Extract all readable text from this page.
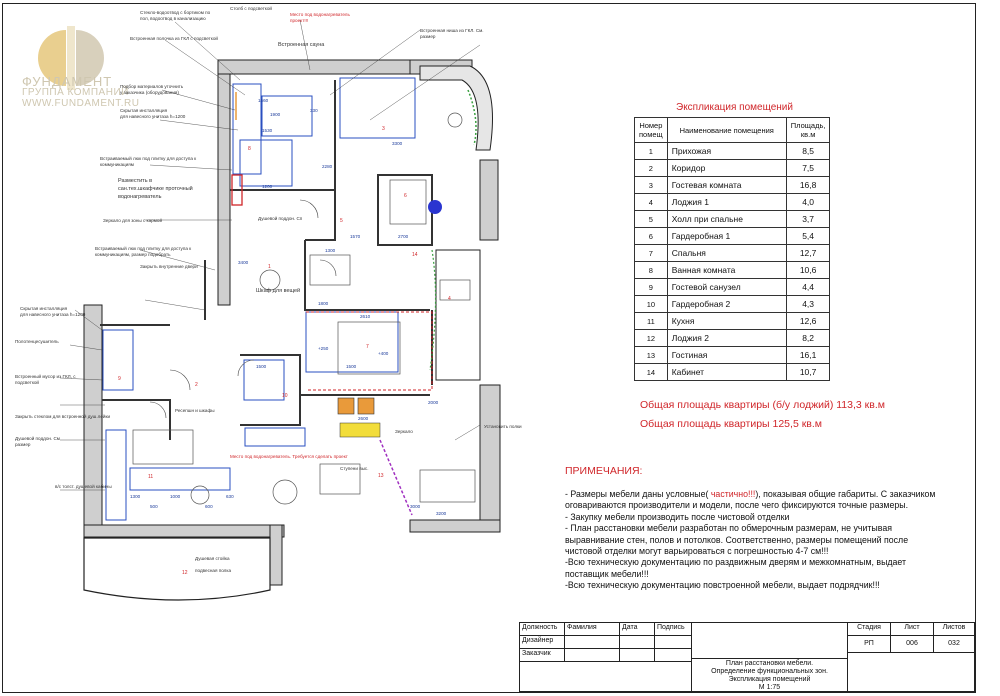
ФУНДАМЕНТ
ГРУППА КОМПАНИЙ
WWW.FUNDAMENT.RU
Стекло-водоотвод с бортиком по
пол, водоотвод в канализацию
Встроенная полочка из ГКЛ с подсветкой
Подбор материалов уточнить
у заказчика (оборудования)
Скрытая инсталляция
для навесного унитаза h=1200
Встраиваемый люк под плитку для доступа к
коммуникациям
Зеркало для зоны с кармой
Встраиваемый люк под плитку для доступа к
коммуникациям, размер подобрать
Закрыть внутренние двери
Скрытая инсталляция
для навесного унитаза h=1200
Полотенцесушитель
Встроенный мусор из ГКЛ, с
подсветкой
Закрыть стеклом для встроенной душ.лейки
Душевой поддон. См
размер
в/с толст. душевой кабины
Столб с подсветкой
Встроенная ниша из ГКЛ. См.
размер
Встроенная сауна
Место под водонагреватель
проект!!!
Шкаф для вещей
Душевой поддон. Сп
Ступени выс.
Место под водонагреватель. Требуется сделать проект
Душевая стойка
подвесная полка
Установить полки
Зеркало
Ресепшн и шкафы
Разместить в
сан.тех.шкафчике проточный
водонагреватель
1
2
3
4
5
6
7
8
9
10
11
12
13
14
1660
1900
3300
1530
2280
1200
1570	2700
1300
1800
2610
3400
1500
2600
1500
1300	1000
500	600
630
2000
+400
+250
330
3200
3000
Экспликация помещений
Номер помещ	Наименование помещения	Площадь, кв.м
1	Прихожая	8,5
2	Коридор	7,5
3	Гостевая комната	16,8
4	Лоджия 1	4,0
5	Холл при спальне	3,7
6	Гардеробная 1	5,4
7	Спальня	12,7
8	Ванная комната	10,6
9	Гостевой санузел	4,4
10	Гардеробная 2	4,3
11	Кухня	12,6
12	Лоджия 2	8,2
13	Гостиная	16,1
14	Кабинет	10,7
Общая площадь квартиры (б/у лоджий) 113,3 кв.м
Общая площадь квартиры 125,5 кв.м
ПРИМЕЧАНИЯ:
- Размеры мебели даны условные( частично!!!), показывая общие габариты. С заказчиком оговариваются производители и модели, после чего фиксируются точные размеры.
- Закупку мебели производить после чистовой отделки
- План расстановки мебели разработан по обмерочным размерам, не учитывая выравнивание стен, полов и потолков. Соответственно, размеры помещений после чистовой отделки могут варьироваться с погрешностью 4-7 см!!!
-Всю техническую документацию по раздвижным дверям и межкомнатным, выдает поставщик мебели!!!
-Всю техническую документацию повстроенной мебели, выдает подрядчик!!!
Должность	Фамилия	Дата	Подпись
Дизайнер
Заказчик
План расстановки мебели.
Определение функциональных зон.
Экспликация помещений
М 1:75
Стадия	Лист	Листов
РП	006	032
